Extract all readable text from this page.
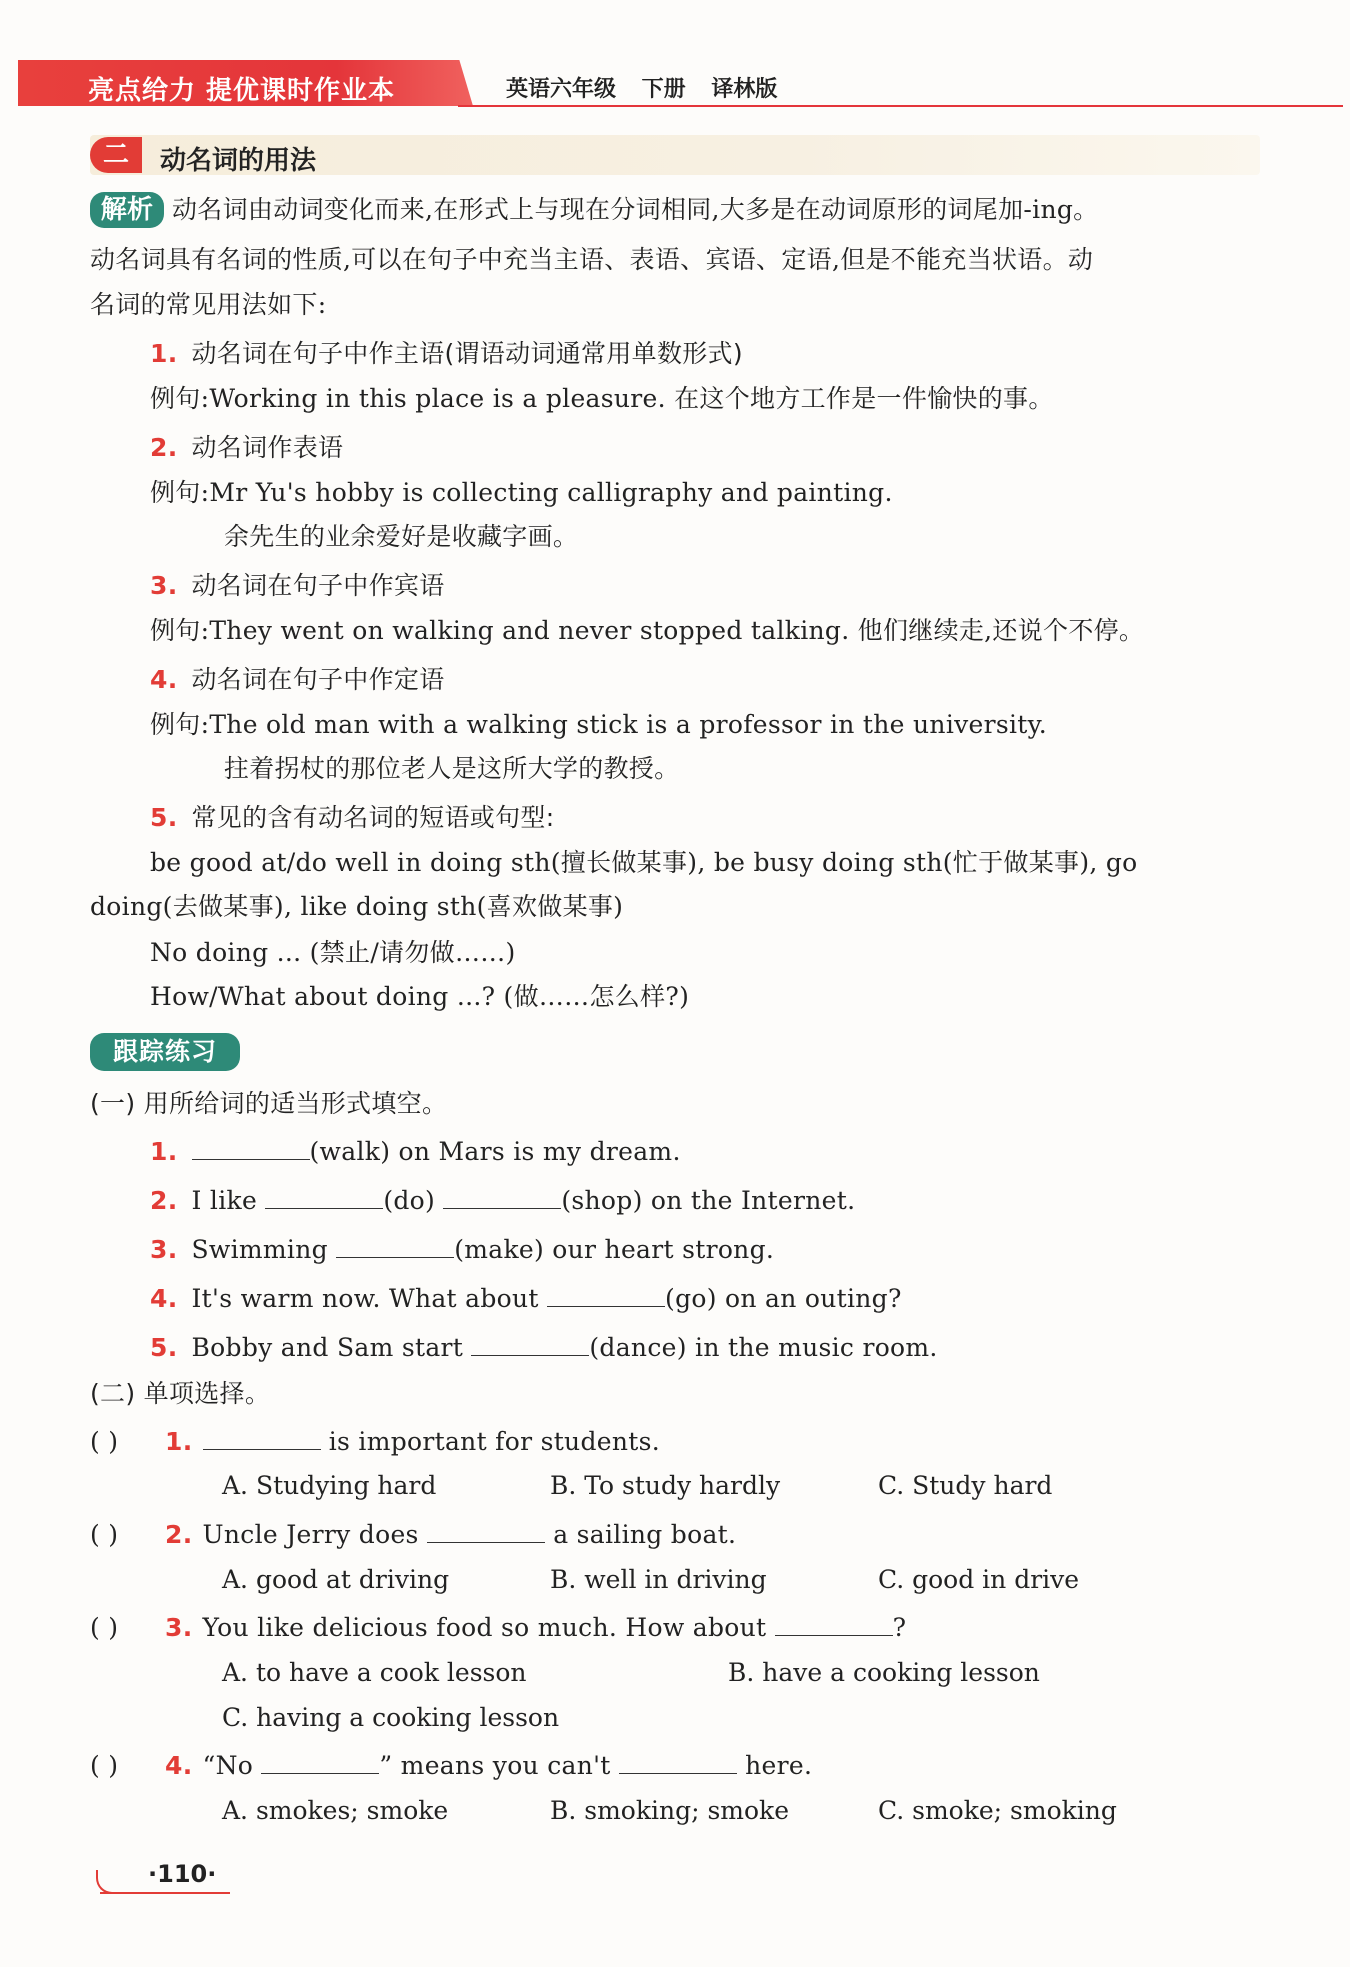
亮点给力 提优课时作业本	英语六年级 下册 译林版
二	动名词的用法
解析 动名词由动词变化而来,在形式上与现在分词相同,大多是在动词原形的词尾加-ing。
动名词具有名词的性质,可以在句子中充当主语、表语、宾语、定语,但是不能充当状语。动
名词的常见用法如下:
1. 动名词在句子中作主语(谓语动词通常用单数形式)
例句:Working in this place is a pleasure. 在这个地方工作是一件愉快的事。
2. 动名词作表语
例句:Mr Yu's hobby is collecting calligraphy and painting.
余先生的业余爱好是收藏字画。
3. 动名词在句子中作宾语
例句:They went on walking and never stopped talking. 他们继续走,还说个不停。
4. 动名词在句子中作定语
例句:The old man with a walking stick is a professor in the university.
拄着拐杖的那位老人是这所大学的教授。
5. 常见的含有动名词的短语或句型:
be good at/do well in doing sth(擅长做某事), be busy doing sth(忙于做某事), go
doing(去做某事), like doing sth(喜欢做某事)
No doing ... (禁止/请勿做……)
How/What about doing ...? (做……怎么样?)
跟踪练习
(一) 用所给词的适当形式填空。
1.	(walk) on Mars is my dream.
2. I like	(do)	(shop) on the Internet.
3. Swimming	(make) our heart strong.
4. It's warm now. What about	(go) on an outing?
5. Bobby and Sam start	(dance) in the music room.
(二) 单项选择。
( ) 1.	is important for students.
A. Studying hard	B. To study hardly	C. Study hard
( ) 2. Uncle Jerry does	a sailing boat.
A. good at driving	B. well in driving	C. good in drive
( ) 3. You like delicious food so much. How about	?
A. to have a cook lesson	B. have a cooking lesson
C. having a cooking lesson
( ) 4. “No	” means you can't	here.
A. smokes; smoke	B. smoking; smoke	C. smoke; smoking
·110·
